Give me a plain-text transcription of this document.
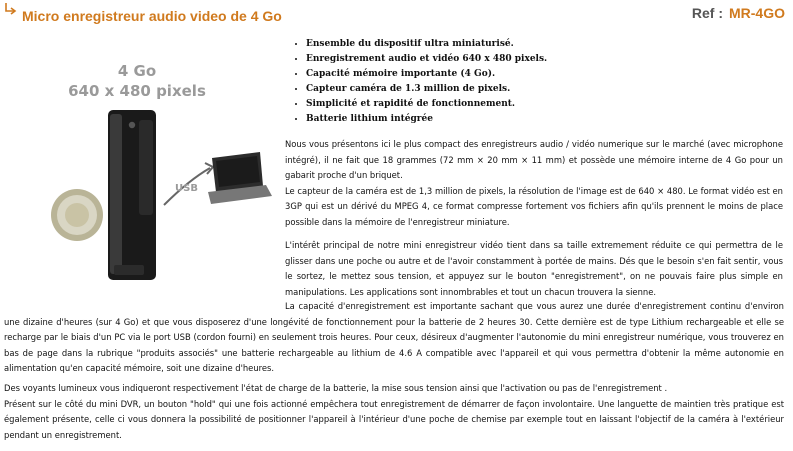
Micro enregistreur audio video de 4 Go	Ref : MR-4GO
4 Go
640 x 480 pixels
USB
• Ensemble du dispositif ultra miniaturisé.
• Enregistrement audio et vidéo 640 x 480 pixels.
• Capacité mémoire importante (4 Go).
• Capteur caméra de 1.3 million de pixels.
• Simplicité et rapidité de fonctionnement.
• Batterie lithium intégrée
Nous vous présentons ici le plus compact des enregistreurs audio / vidéo numerique sur le marché (avec microphone intégré), il ne fait que 18 grammes (72 mm × 20 mm × 11 mm) et possède une mémoire interne de 4 Go pour un gabarit proche d'un briquet.
Le capteur de la caméra est de 1,3 million de pixels, la résolution de l'image est de 640 × 480. Le format vidéo est en 3GP qui est un dérivé du MPEG 4, ce format compresse fortement vos fichiers afin qu'ils prennent le moins de place possible dans la mémoire de l'enregistreur miniature.
L'intérêt principal de notre mini enregistreur vidéo tient dans sa taille extremement réduite ce qui permettra de le glisser dans une poche ou autre et de l'avoir constamment à portée de mains. Dés que le besoin s'en fait sentir, vous le sortez, le mettez sous tension, et appuyez sur le bouton "enregistrement", on ne pouvais faire plus simple en manipulations. Les applications sont innombrables et tout un chacun trouvera la sienne.
La capacité d'enregistrement est importante sachant que vous aurez une durée d'enregistrement continu d'environ une dizaine d'heures (sur 4 Go) et que vous disposerez d'une longévité de fonctionnement pour la batterie de 2 heures 30. Cette dernière est de type Lithium rechargeable et elle se recharge par le biais d'un PC via le port USB (cordon fourni) en seulement trois heures. Pour ceux, désireux d'augmenter l'autonomie du mini enregistreur numérique, vous trouverez en bas de page dans la rubrique "produits associés" une batterie rechargeable au lithium de 4.6 A compatible avec l'appareil et qui vous permettra d'obtenir la même autonomie en alimentation qu'en capacité mémoire, soit une dizaine d'heures.
Des voyants lumineux vous indiqueront respectivement l'état de charge de la batterie, la mise sous tension ainsi que l'activation ou pas de l'enregistrement .
Présent sur le côté du mini DVR, un bouton "hold" qui une fois actionné empêchera tout enregistrement de démarrer de façon involontaire. Une languette de maintien très pratique est également présente, celle ci vous donnera la possibilité de positionner l'appareil à l'intérieur d'une poche de chemise par exemple tout en laissant l'objectif de la caméra à l'extérieur pendant un enregistrement.
